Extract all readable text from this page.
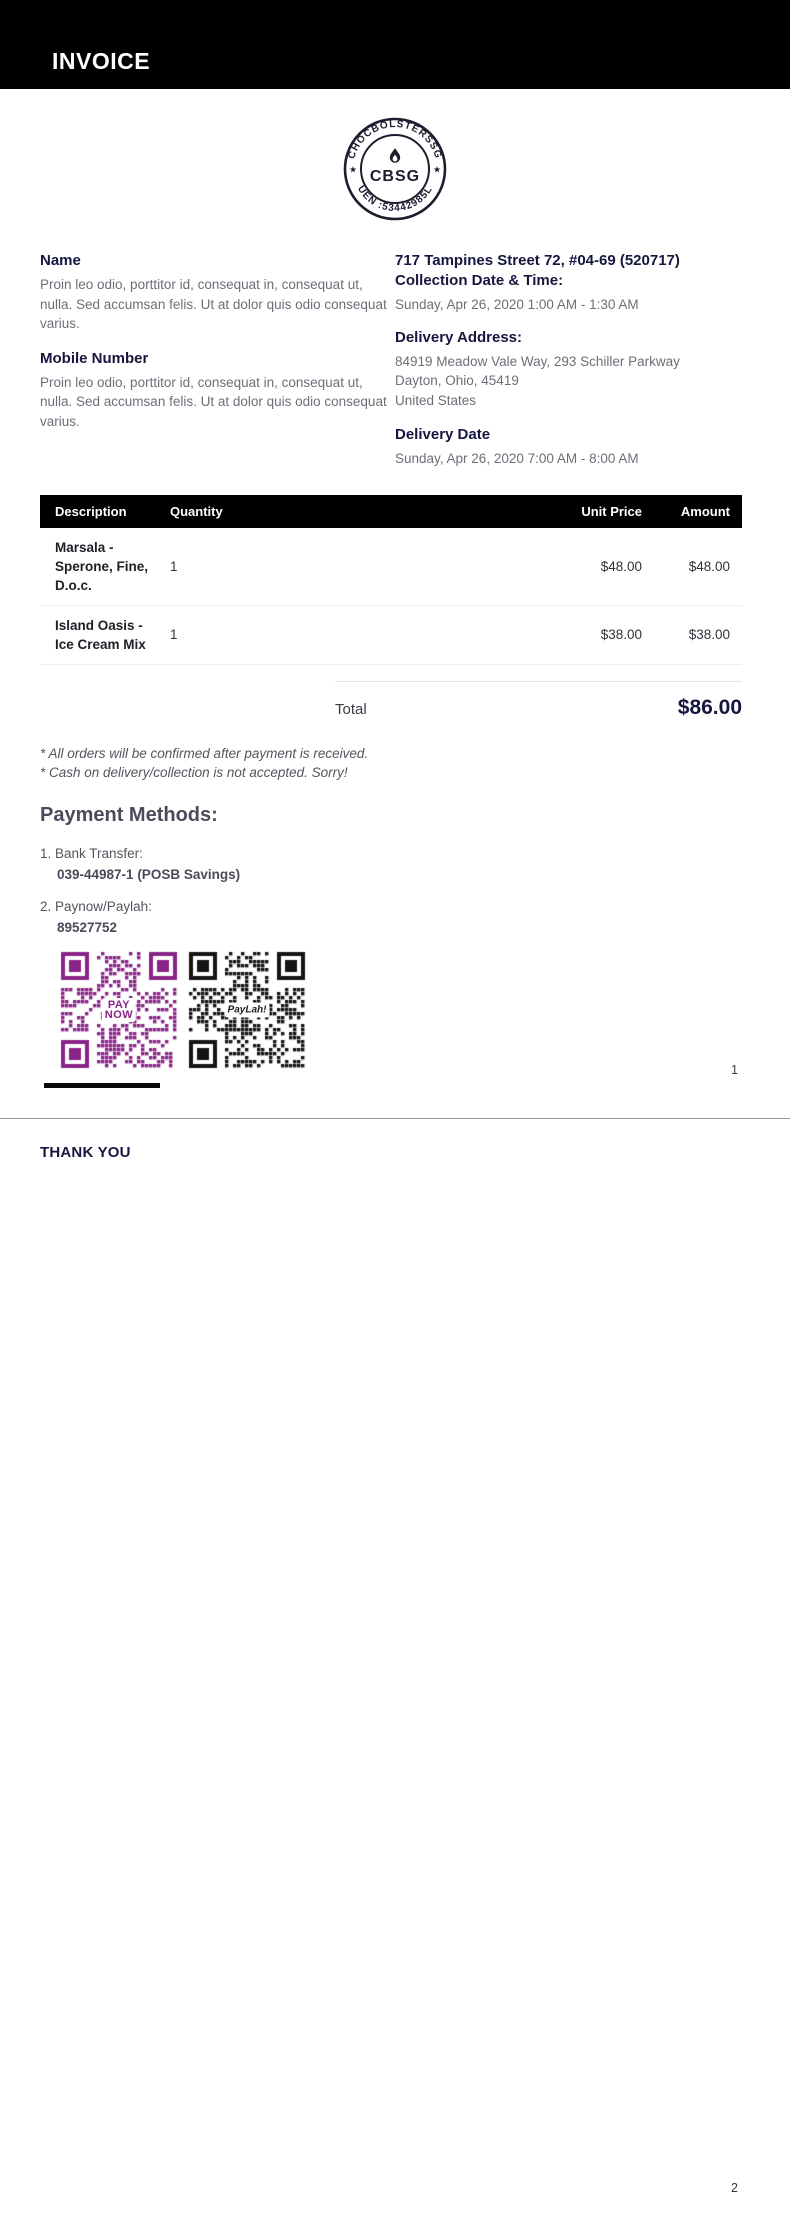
INVOICE
CHOCBOLSTERSSG
UEN :53442985L
★	★
CBSG
Name
Proin leo odio, porttitor id, consequat in, consequat ut, nulla. Sed accumsan felis. Ut at dolor quis odio consequat varius.
Mobile Number
Proin leo odio, porttitor id, consequat in, consequat ut, nulla. Sed accumsan felis. Ut at dolor quis odio consequat varius.
717 Tampines Street 72, #04-69 (520717)
Collection Date & Time:
Sunday, Apr 26, 2020 1:00 AM - 1:30 AM
Delivery Address:
84919 Meadow Vale Way, 293 Schiller Parkway
Dayton, Ohio, 45419
United States
Delivery Date
Sunday, Apr 26, 2020 7:00 AM - 8:00 AM
Description	Quantity	Unit Price	Amount
Marsala - Sperone, Fine, D.o.c.
1	$48.00	$48.00
Island Oasis - Ice Cream Mix
1	$38.00	$38.00
Total	$86.00
* All orders will be confirmed after payment is received.
* Cash on delivery/collection is not accepted. Sorry!
Payment Methods:
1. Bank Transfer:
039-44987-1 (POSB Savings)
2. Paynow/Paylah:
89527752
PAY
NOW	PayLah!
1
THANK YOU
2
